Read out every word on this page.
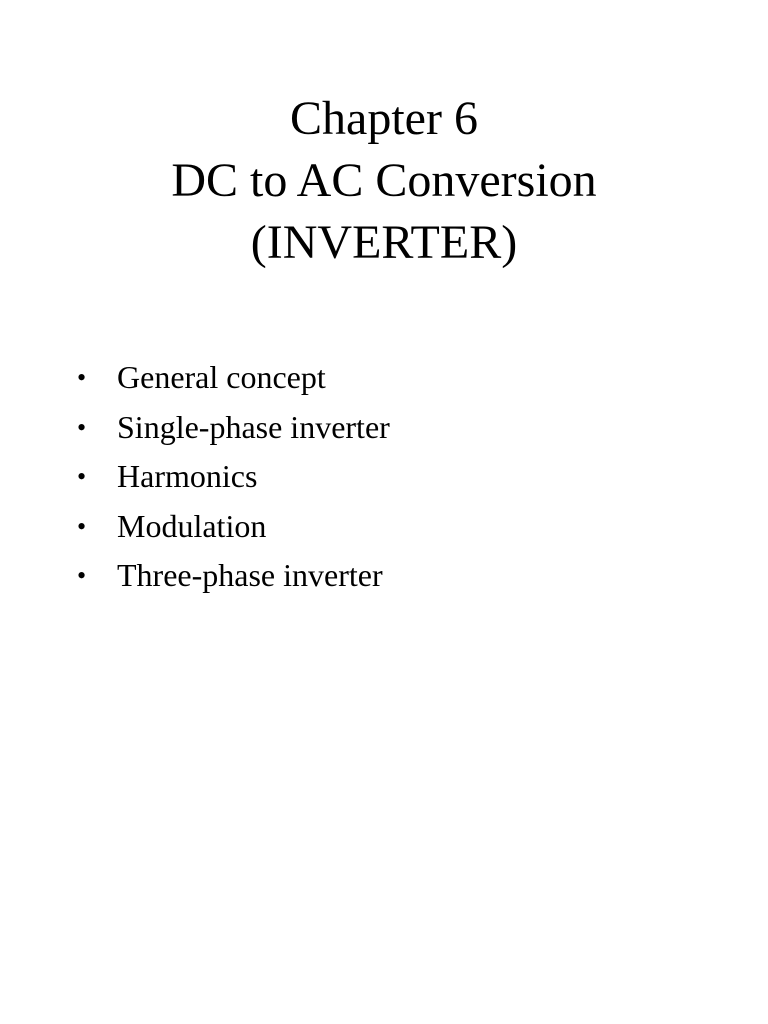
Chapter 6
DC to AC Conversion
(INVERTER)
• General concept
• Single-phase inverter
• Harmonics
• Modulation
• Three-phase inverter
